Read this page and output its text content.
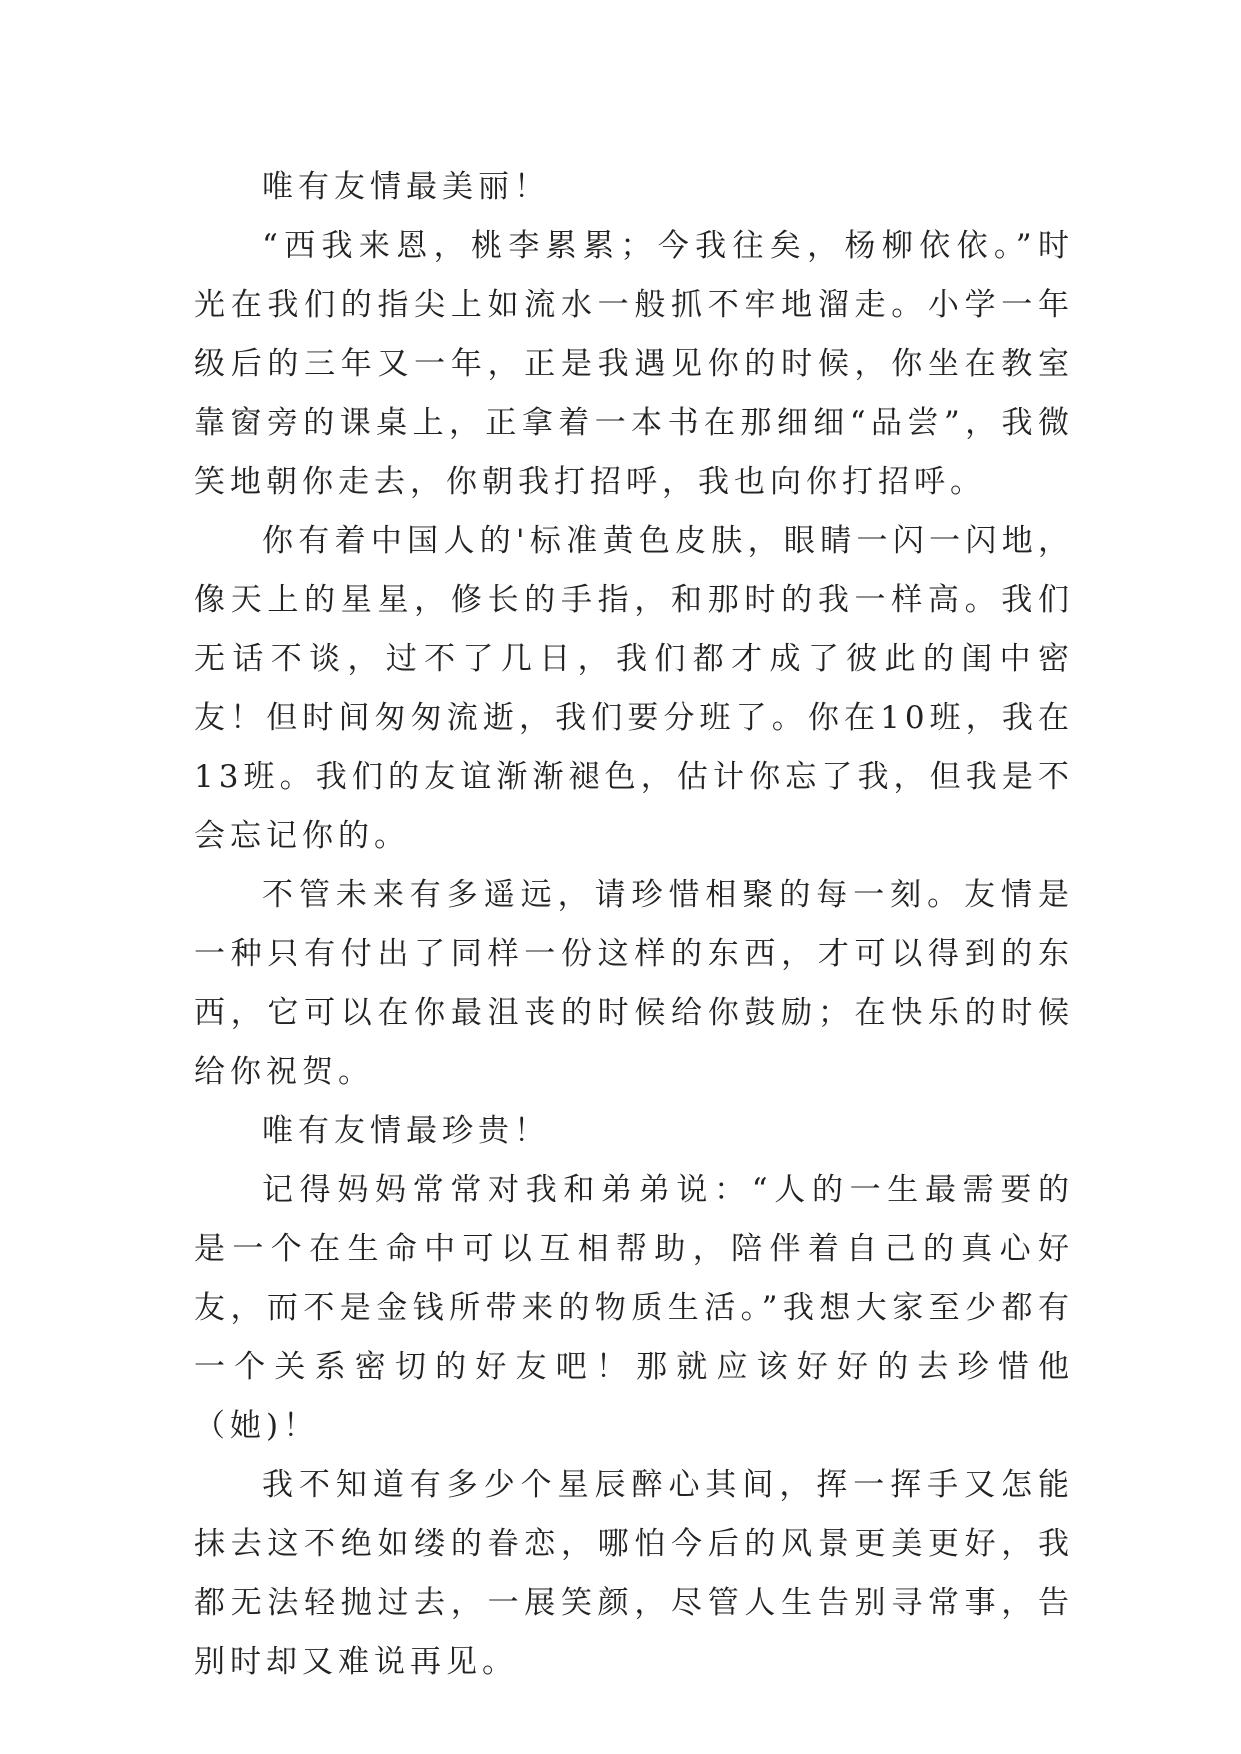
唯有友情最美丽！

“西我来恩，桃李累累；今我往矣，杨柳依依。”时光在我们的指尖上如流水一般抓不牢地溜走。小学一年级后的三年又一年，正是我遇见你的时候，你坐在教室靠窗旁的课桌上，正拿着一本书在那细细“品尝”，我微笑地朝你走去，你朝我打招呼，我也向你打招呼。

你有着中国人的'标准黄色皮肤，眼睛一闪一闪地，像天上的星星，修长的手指，和那时的我一样高。我们无话不谈，过不了几日，我们都才成了彼此的闺中密友！但时间匆匆流逝，我们要分班了。你在10班，我在13班。我们的友谊渐渐褪色，估计你忘了我，但我是不会忘记你的。

不管未来有多遥远，请珍惜相聚的每一刻。友情是一种只有付出了同样一份这样的东西，才可以得到的东西，它可以在你最沮丧的时候给你鼓励；在快乐的时候给你祝贺。

唯有友情最珍贵！

记得妈妈常常对我和弟弟说：“人的一生最需要的是一个在生命中可以互相帮助，陪伴着自己的真心好友，而不是金钱所带来的物质生活。”我想大家至少都有一个关系密切的好友吧！那就应该好好的去珍惜他（她)！

我不知道有多少个星辰醉心其间，挥一挥手又怎能抹去这不绝如缕的眷恋，哪怕今后的风景更美更好，我都无法轻抛过去，一展笑颜，尽管人生告别寻常事，告别时却又难说再见。
